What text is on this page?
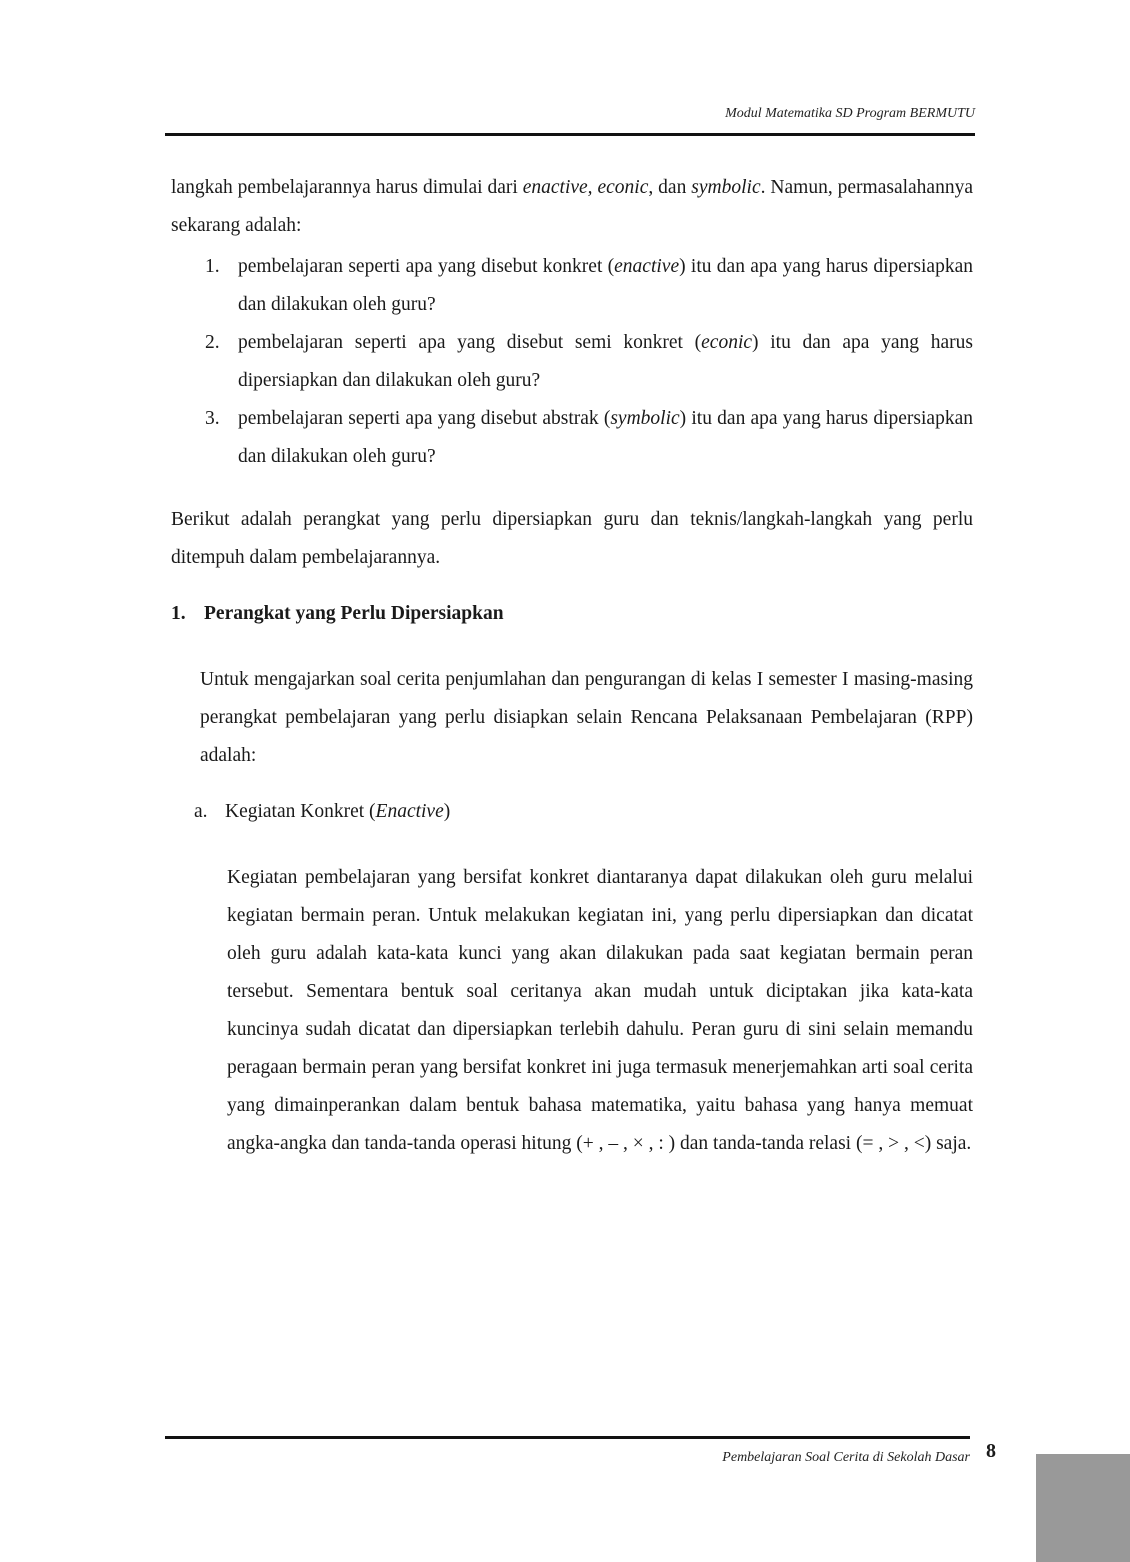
Modul Matematika SD Program BERMUTU
langkah pembelajarannya harus dimulai dari enactive, econic, dan symbolic. Namun, permasalahannya sekarang adalah:
1. pembelajaran seperti apa yang disebut konkret (enactive) itu dan apa yang harus dipersiapkan dan dilakukan oleh guru?
2. pembelajaran seperti apa yang disebut semi konkret (econic) itu dan apa yang harus dipersiapkan dan dilakukan oleh guru?
3. pembelajaran seperti apa yang disebut abstrak (symbolic) itu dan apa yang harus dipersiapkan dan dilakukan oleh guru?
Berikut adalah perangkat yang perlu dipersiapkan guru dan teknis/langkah-langkah yang perlu ditempuh dalam pembelajarannya.
1. Perangkat yang Perlu Dipersiapkan
Untuk mengajarkan soal cerita penjumlahan dan pengurangan di kelas I semester I masing-masing perangkat pembelajaran yang perlu disiapkan selain Rencana Pelaksanaan Pembelajaran (RPP) adalah:
a. Kegiatan Konkret (Enactive)
Kegiatan pembelajaran yang bersifat konkret diantaranya dapat dilakukan oleh guru melalui kegiatan bermain peran. Untuk melakukan kegiatan ini, yang perlu dipersiapkan dan dicatat oleh guru adalah kata-kata kunci yang akan dilakukan pada saat kegiatan bermain peran tersebut. Sementara bentuk soal ceritanya akan mudah untuk diciptakan jika kata-kata kuncinya sudah dicatat dan dipersiapkan terlebih dahulu. Peran guru di sini selain memandu peragaan bermain peran yang bersifat konkret ini juga termasuk menerjemahkan arti soal cerita yang dimainperankan dalam bentuk bahasa matematika, yaitu bahasa yang hanya memuat angka-angka dan tanda-tanda operasi hitung (+ , – , × , : ) dan tanda-tanda relasi (= , > , <) saja.
Pembelajaran Soal Cerita di Sekolah Dasar 8
